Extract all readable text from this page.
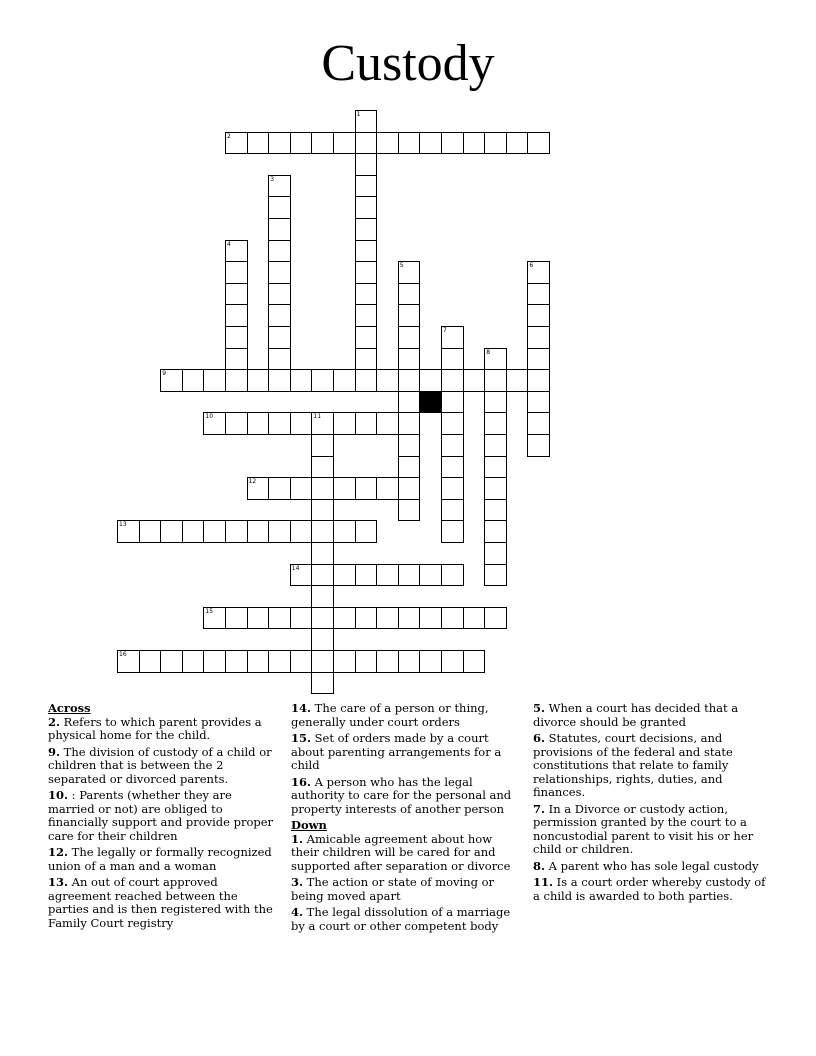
Custody
1
2
3
4
5	6
7
8
9
10	11
12
13
14
15
16
Across
2. Refers to which parent provides a physical home for the child.
9. The division of custody of a child or children that is between the 2 separated or divorced parents.
10. : Parents (whether they are married or not) are obliged to financially support and provide proper care for their children
12. The legally or formally recognized union of a man and a woman
13. An out of court approved agreement reached between the parties and is then registered with the Family Court registry
14. The care of a person or thing, generally under court orders
15. Set of orders made by a court about parenting arrangements for a child
16. A person who has the legal authority to care for the personal and property interests of another person
Down
1. Amicable agreement about how their children will be cared for and supported after separation or divorce
3. The action or state of moving or being moved apart
4. The legal dissolution of a marriage by a court or other competent body
5. When a court has decided that a divorce should be granted
6. Statutes, court decisions, and provisions of the federal and state constitutions that relate to family relationships, rights, duties, and finances.
7. In a Divorce or custody action, permission granted by the court to a noncustodial parent to visit his or her child or children.
8. A parent who has sole legal custody
11. Is a court order whereby custody of a child is awarded to both parties.
